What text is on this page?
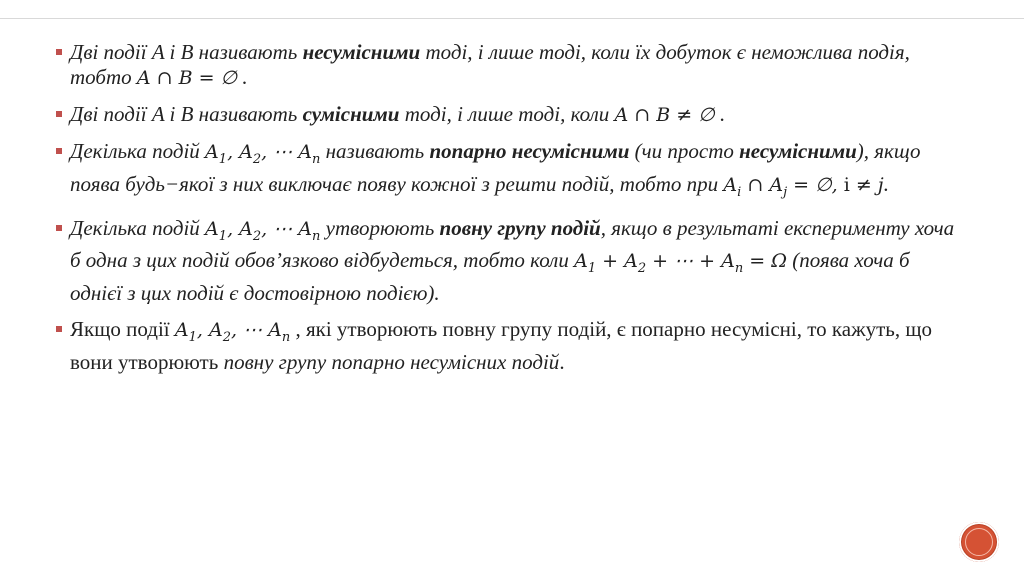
Дві події A і B називають несумісними тоді, і лише тоді, коли їх добуток є неможлива подія, тобто A ∩ B = ∅ .
Дві події A і B називають сумісними тоді, і лише тоді, коли A ∩ B ≠ ∅ .
Декілька подій $A_1$, $A_2$, ⋯ $A_n$ називають попарно несумісними (чи просто несумісними), якщо поява будь−якої з них виключає появу кожної з решти подій, тобто при $A_i$ ∩ $A_j$ = ∅, i ≠ j.
Декілька подій $A_1$, $A_2$, ⋯ $A_n$ утворюють повну групу подій, якщо в результаті експерименту хоча б одна з цих подій обов’язково відбудеться, тобто коли $A_1 + A_2$ + ⋯ + $A_n = \Omega$ (поява хоча б однієї з цих подій є достовірною подією).
Якщо події $A_1$, $A_2$, ⋯ $A_n$ , які утворюють повну групу подій, є попарно несумісні, то кажуть, що вони утворюють повну групу попарно несумісних подій.
